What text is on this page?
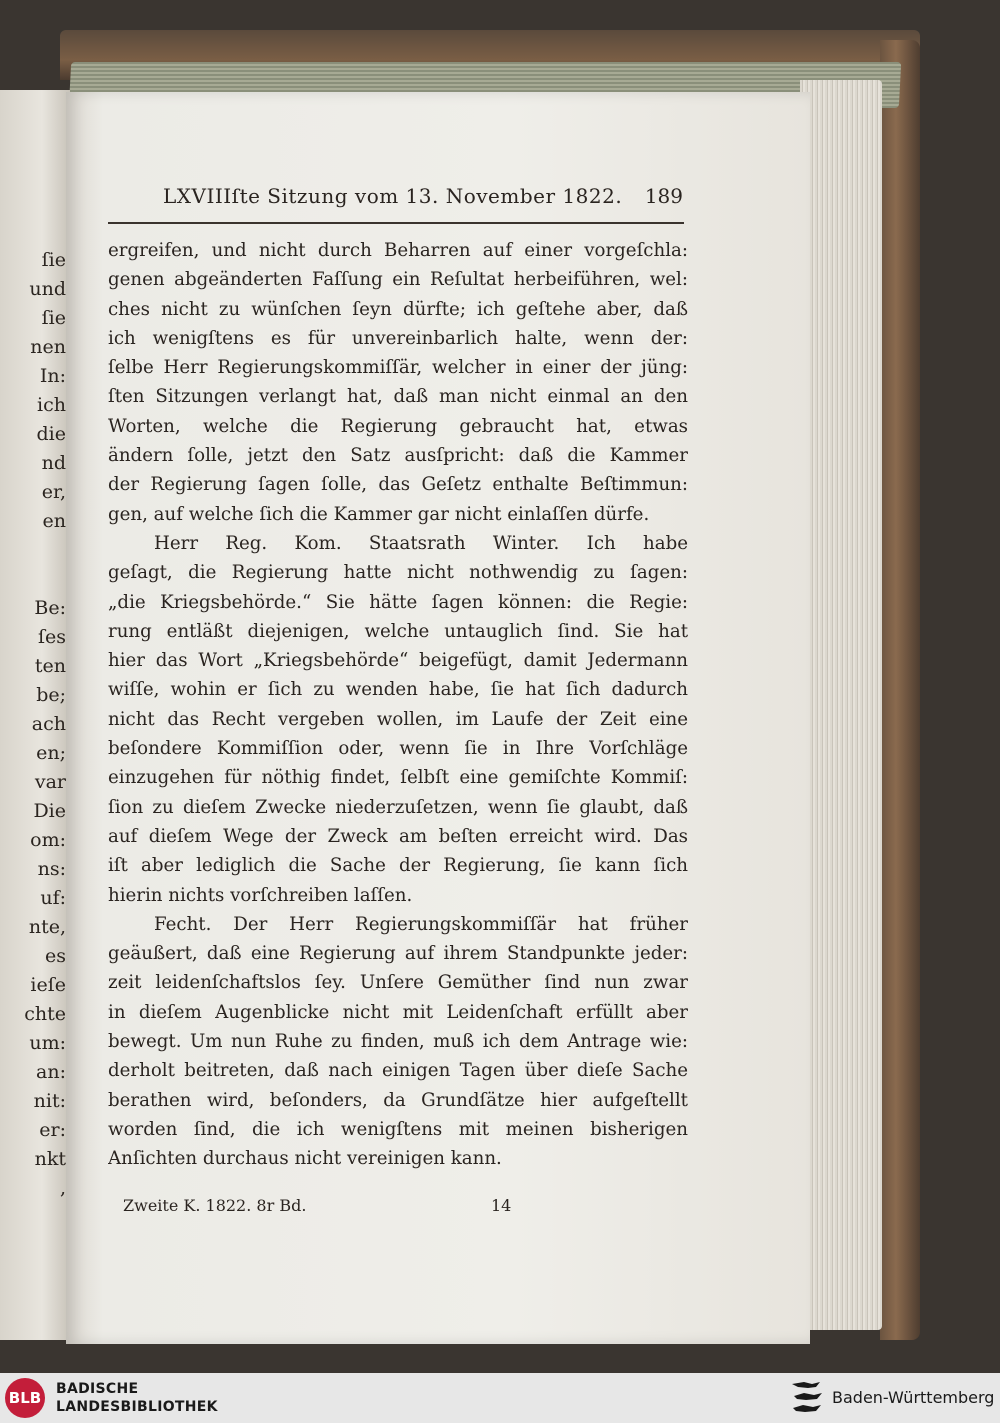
ſie
und
ſie
nen
In:
ich
die
nd
er,
en
Be:
ſes
ten
be;
ach
en;
var
Die
om:
ns:
uf:
nte,
es
ieſe
chte
um:
an:
nit:
er:
nkt
,
LXVIIIſte Sitzung vom 13. November 1822. 189
ergreifen, und nicht durch Beharren auf einer vorgeſchla:
genen abgeänderten Faſſung ein Reſultat herbeiführen, wel:
ches nicht zu wünſchen ſeyn dürfte; ich geſtehe aber, daß
ich wenigſtens es für unvereinbarlich halte, wenn der:
ſelbe Herr Regierungskommiſſär, welcher in einer der jüng:
ſten Sitzungen verlangt hat, daß man nicht einmal an den
Worten, welche die Regierung gebraucht hat, etwas
ändern ſolle, jetzt den Satz ausſpricht: daß die Kammer
der Regierung ſagen ſolle, das Geſetz enthalte Beſtimmun:
gen, auf welche ſich die Kammer gar nicht einlaſſen dürfe.
Herr Reg. Kom. Staatsrath Winter. Ich habe
geſagt, die Regierung hatte nicht nothwendig zu ſagen:
„die Kriegsbehörde.“ Sie hätte ſagen können: die Regie:
rung entläßt diejenigen, welche untauglich ſind. Sie hat
hier das Wort „Kriegsbehörde“ beigefügt, damit Jedermann
wiſſe, wohin er ſich zu wenden habe, ſie hat ſich dadurch
nicht das Recht vergeben wollen, im Laufe der Zeit eine
beſondere Kommiſſion oder, wenn ſie in Ihre Vorſchläge
einzugehen für nöthig findet, ſelbſt eine gemiſchte Kommiſ:
ſion zu dieſem Zwecke niederzuſetzen, wenn ſie glaubt, daß
auf dieſem Wege der Zweck am beſten erreicht wird. Das
iſt aber lediglich die Sache der Regierung, ſie kann ſich
hierin nichts vorſchreiben laſſen.
Fecht. Der Herr Regierungskommiſſär hat früher
geäußert, daß eine Regierung auf ihrem Standpunkte jeder:
zeit leidenſchaftslos ſey. Unſere Gemüther ſind nun zwar
in dieſem Augenblicke nicht mit Leidenſchaft erfüllt aber
bewegt. Um nun Ruhe zu finden, muß ich dem Antrage wie:
derholt beitreten, daß nach einigen Tagen über dieſe Sache
berathen wird, beſonders, da Grundſätze hier aufgeſtellt
worden ſind, die ich wenigſtens mit meinen bisherigen
Anſichten durchaus nicht vereinigen kann.
Zweite K. 1822. 8r Bd.	14
BLB BADISCHE
LANDESBIBLIOTHEK	Baden-Württemberg
